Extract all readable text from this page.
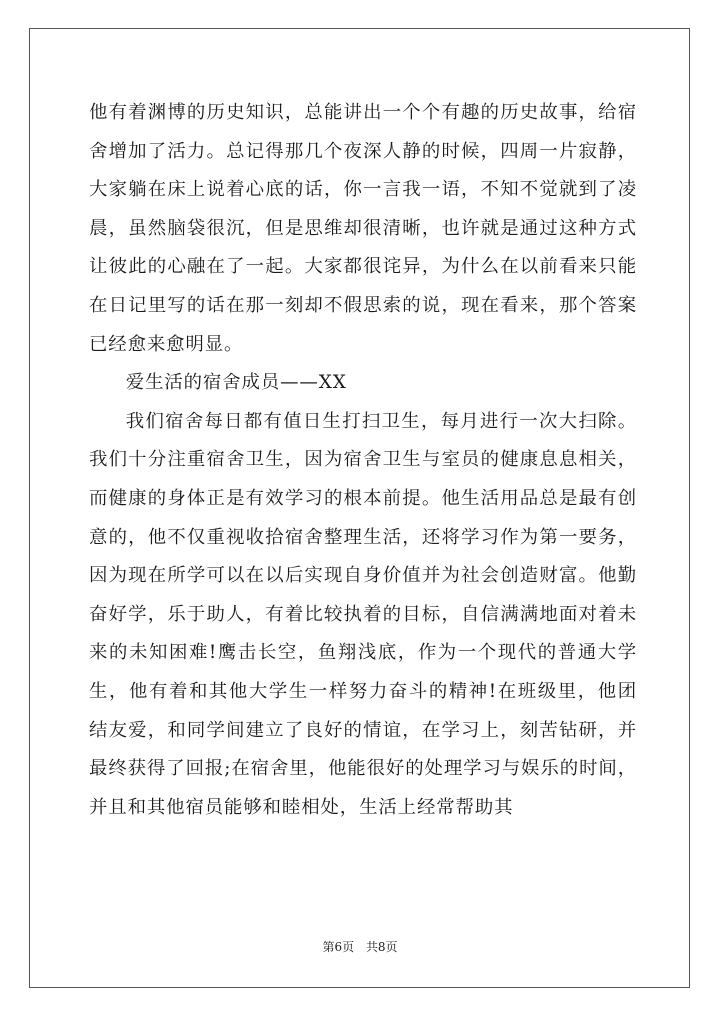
他有着渊博的历史知识，总能讲出一个个有趣的历史故事，给宿舍增加了活力。总记得那几个夜深人静的时候，四周一片寂静，大家躺在床上说着心底的话，你一言我一语，不知不觉就到了凌晨，虽然脑袋很沉，但是思维却很清晰，也许就是通过这种方式让彼此的心融在了一起。大家都很诧异，为什么在以前看来只能在日记里写的话在那一刻却不假思索的说，现在看来，那个答案已经愈来愈明显。

爱生活的宿舍成员——XX

我们宿舍每日都有值日生打扫卫生，每月进行一次大扫除。我们十分注重宿舍卫生，因为宿舍卫生与室员的健康息息相关，而健康的身体正是有效学习的根本前提。他生活用品总是最有创意的，他不仅重视收拾宿舍整理生活，还将学习作为第一要务，因为现在所学可以在以后实现自身价值并为社会创造财富。他勤奋好学，乐于助人，有着比较执着的目标，自信满满地面对着未来的未知困难!鹰击长空，鱼翔浅底，作为一个现代的普通大学生，他有着和其他大学生一样努力奋斗的精神!在班级里，他团结友爱，和同学间建立了良好的情谊，在学习上，刻苦钻研，并最终获得了回报;在宿舍里，他能很好的处理学习与娱乐的时间，并且和其他宿员能够和睦相处，生活上经常帮助其

第6页 共8页
